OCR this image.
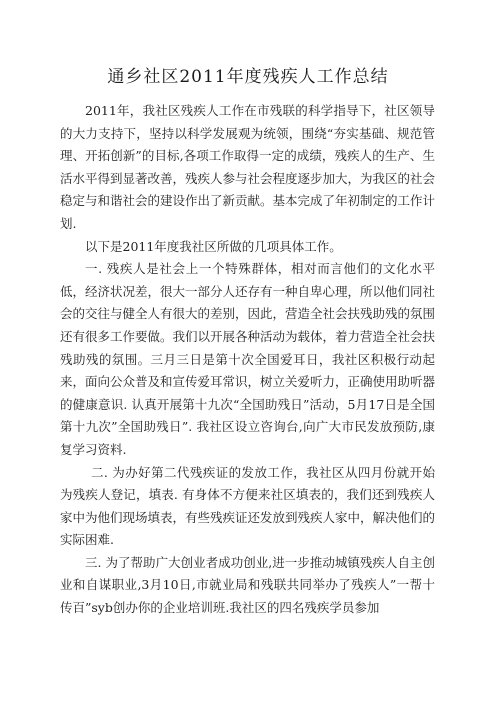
通乡社区2011年度残疾人工作总结

2011年，我社区残疾人工作在市残联的科学指导下，社区领导的大力支持下，坚持以科学发展观为统领，围绕“夯实基础、规范管理、开拓创新”的目标,各项工作取得一定的成绩，残疾人的生产、生活水平得到显著改善，残疾人参与社会程度逐步加大，为我区的社会稳定与和谐社会的建设作出了新贡献。基本完成了年初制定的工作计划.

以下是2011年度我社区所做的几项具体工作。

一. 残疾人是社会上一个特殊群体，相对而言他们的文化水平低，经济状况差，很大一部分人还存有一种自卑心理，所以他们同社会的交往与健全人有很大的差别，因此，营造全社会扶残助残的氛围还有很多工作要做。我们以开展各种活动为载体，着力营造全社会扶残助残的氛围。三月三日是第十次全国爱耳日，我社区积极行动起来，面向公众普及和宣传爱耳常识，树立关爱听力，正确使用助听器的健康意识. 认真开展第十九次“全国助残日”活动，5月17日是全国第十九次”全国助残日”. 我社区设立咨询台,向广大市民发放预防,康复学习资料.

二. 为办好第二代残疾证的发放工作，我社区从四月份就开始为残疾人登记，填表. 有身体不方便来社区填表的，我们还到残疾人家中为他们现场填表，有些残疾证还发放到残疾人家中，解决他们的实际困难.

三. 为了帮助广大创业者成功创业,进一步推动城镇残疾人自主创业和自谋职业,3月10日,市就业局和残联共同举办了残疾人”一帮十传百”syb创办你的企业培训班.我社区的四名残疾学员参加
